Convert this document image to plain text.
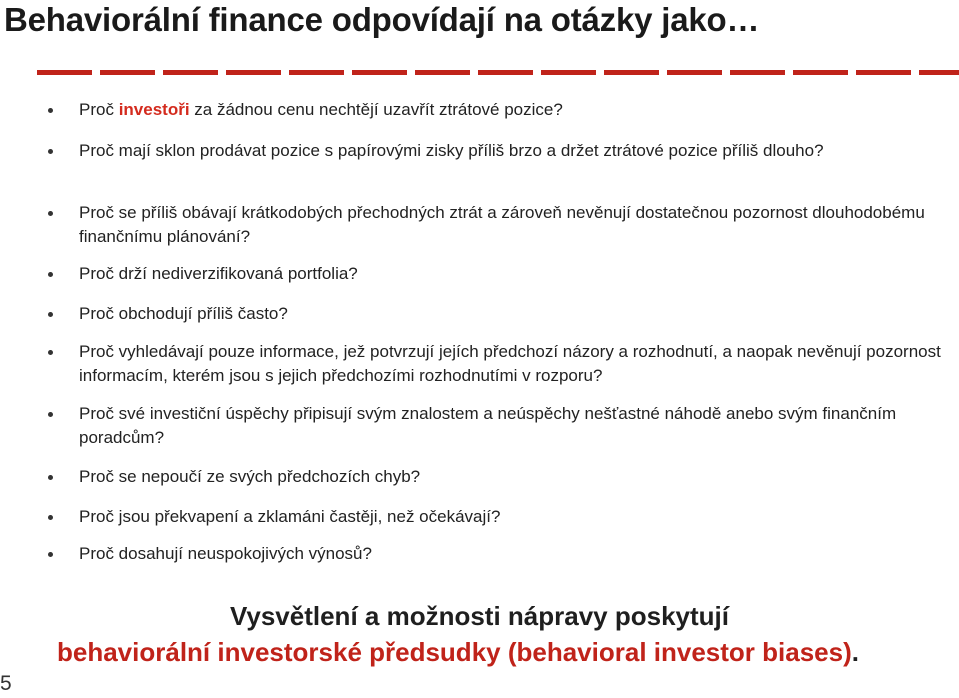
Behaviorální finance odpovídají na otázky jako…
Proč investoři za žádnou cenu nechtějí uzavřít ztrátové pozice?
Proč mají sklon prodávat pozice s papírovými zisky příliš brzo a držet ztrátové pozice příliš dlouho?
Proč se příliš obávají krátkodobých přechodných ztrát a zároveň nevěnují dostatečnou pozornost dlouhodobému finančnímu plánování?
Proč drží nediverzifikovaná portfolia?
Proč obchodují příliš často?
Proč vyhledávají pouze informace, jež potvrzují jejích předchozí názory a rozhodnutí, a naopak nevěnují pozornost informacím, kterém jsou s jejich předchozími rozhodnutími v rozporu?
Proč své investiční úspěchy připisují svým znalostem a neúspěchy nešťastné náhodě anebo svým finančním poradcům?
Proč se nepoučí ze svých předchozích chyb?
Proč jsou překvapení a zklamáni častěji, než očekávají?
Proč dosahují neuspokojivých výnosů?
Vysvětlení a možnosti nápravy poskytují
behaviorální investorské předsudky (behavioral investor biases).
5
